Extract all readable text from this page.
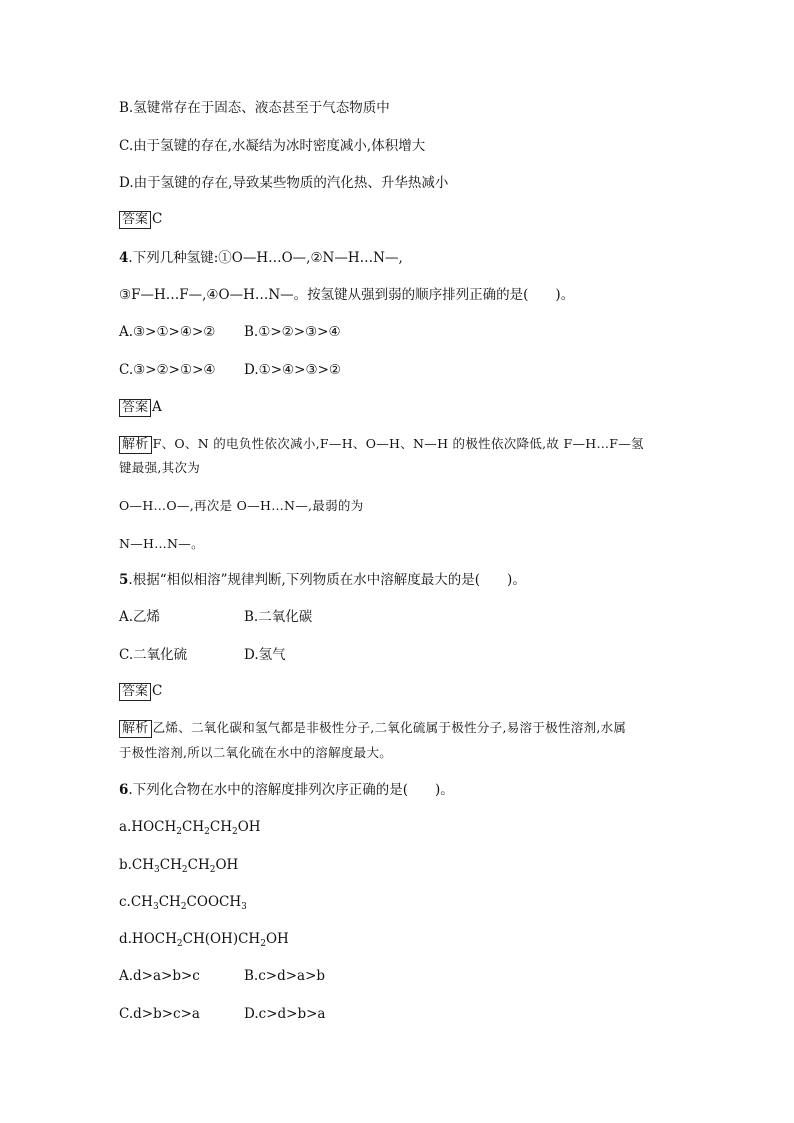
B.氢键常存在于固态、液态甚至于气态物质中
C.由于氢键的存在,水凝结为冰时密度减小,体积增大
D.由于氢键的存在,导致某些物质的汽化热、升华热减小
答案 C
4.下列几种氢键:①O—H…O—,②N—H…N—,
③F—H…F—,④O—H…N—。按氢键从强到弱的顺序排列正确的是(　　)。
A.③>①>④>② B.①>②>③>④
C.③>②>①>④ D.①>④>③>②
答案 A
解析 F、O、N 的电负性依次减小,F—H、O—H、N—H 的极性依次降低,故 F—H…F—氢
键最强,其次为
O—H…O—,再次是 O—H…N—,最弱的为
N—H…N—。
5.根据“相似相溶”规律判断,下列物质在水中溶解度最大的是(　　)。
A.乙烯	B.二氧化碳
C.二氧化硫	D.氢气
答案 C
解析 乙烯、二氧化碳和氢气都是非极性分子,二氧化硫属于极性分子,易溶于极性溶剂,水属
于极性溶剂,所以二氧化硫在水中的溶解度最大。
6.下列化合物在水中的溶解度排列次序正确的是(　　)。
$a.HOCH_2CH_2CH_2OH$
$b.CH_3CH_2CH_2OH$
$c.CH_3CH_2COOCH_3$
$d.HOCH_2CH(OH)CH_2OH$
A.d>a>b>c	B.c>d>a>b
C.d>b>c>a	D.c>d>b>a
